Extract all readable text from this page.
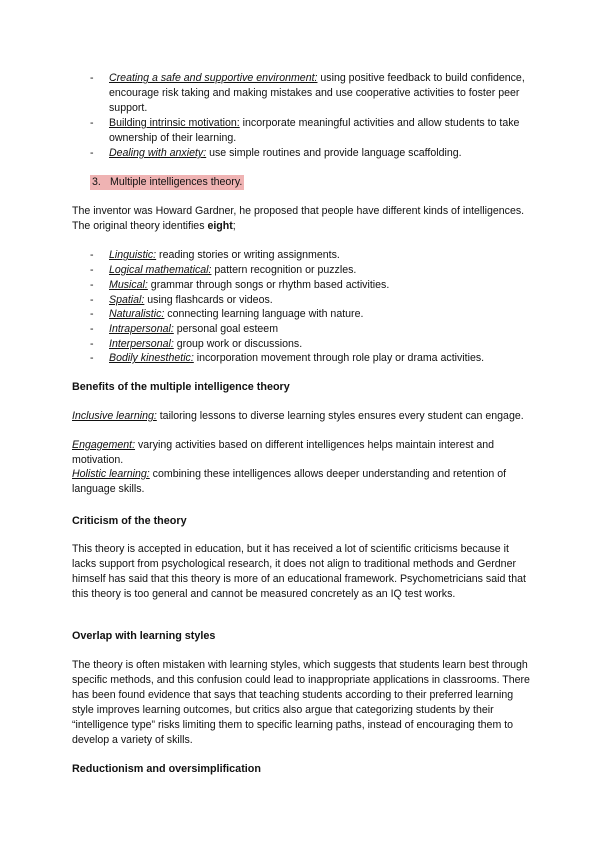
- Creating a safe and supportive environment: using positive feedback to build confidence, encourage risk taking and making mistakes and use cooperative activities to foster peer support.
- Building intrinsic motivation: incorporate meaningful activities and allow students to take ownership of their learning.
- Dealing with anxiety: use simple routines and provide language scaffolding.
3. Multiple intelligences theory.

The inventor was Howard Gardner, he proposed that people have different kinds of intelligences. The original theory identifies eight;

- Linguistic: reading stories or writing assignments.
- Logical mathematical: pattern recognition or puzzles.
- Musical: grammar through songs or rhythm based activities.
- Spatial: using flashcards or videos.
- Naturalistic: connecting learning language with nature.
- Intrapersonal: personal goal esteem
- Interpersonal: group work or discussions.
- Bodily kinesthetic: incorporation movement through role play or drama activities.
Benefits of the multiple intelligence theory

Inclusive learning: tailoring lessons to diverse learning styles ensures every student can engage.

Engagement: varying activities based on different intelligences helps maintain interest and motivation.

Holistic learning: combining these intelligences allows deeper understanding and retention of language skills.

Criticism of the theory

This theory is accepted in education, but it has received a lot of scientific criticisms because it lacks support from psychological research, it does not align to traditional methods and Gerdner himself has said that this theory is more of an educational framework. Psychometricians said that this theory is too general and cannot be measured concretely as an IQ test works.

Overlap with learning styles

The theory is often mistaken with learning styles, which suggests that students learn best through specific methods, and this confusion could lead to inappropriate applications in classrooms. There has been found evidence that says that teaching students according to their preferred learning style improves learning outcomes, but critics also argue that categorizing students by their “intelligence type” risks limiting them to specific learning paths, instead of encouraging them to develop a variety of skills.

Reductionism and oversimplification
